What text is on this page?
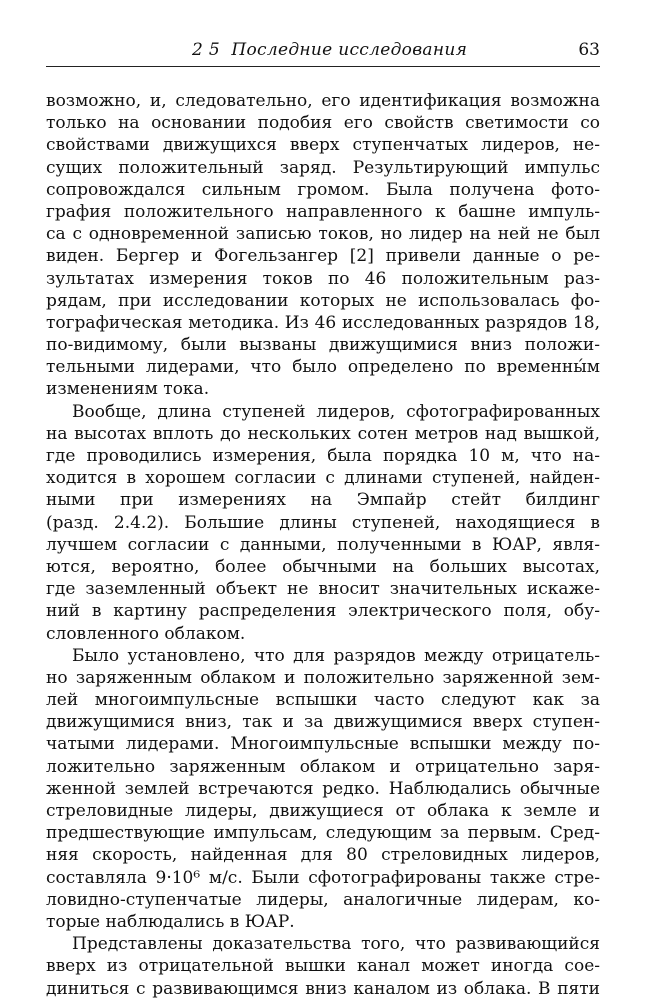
2 5 Последние исследования	63

возможно, и, следовательно, его идентификация возможна
только на основании подобия его свойств светимости со
свойствами движущихся вверх ступенчатых лидеров, не-
сущих положительный заряд. Результирующий импульс
сопровождался сильным громом. Была получена фото-
графия положительного направленного к башне импуль-
са с одновременной записью токов, но лидер на ней не был
виден. Бергер и Фогельзангер [2] привели данные о ре-
зультатах измерения токов по 46 положительным раз-
рядам, при исследовании которых не использовалась фо-
тографическая методика. Из 46 исследованных разрядов 18,
по-видимому, были вызваны движущимися вниз положи-
тельными лидерами, что было определено по временны́м
изменениям тока.

Вообще, длина ступеней лидеров, сфотографированных
на высотах вплоть до нескольких сотен метров над вышкой,
где проводились измерения, была порядка 10 м, что на-
ходится в хорошем согласии с длинами ступеней, найден-
ными при измерениях на Эмпайр стейт билдинг
(разд. 2.4.2). Большие длины ступеней, находящиеся в
лучшем согласии с данными, полученными в ЮАР, явля-
ются, вероятно, более обычными на больших высотах,
где заземленный объект не вносит значительных искаже-
ний в картину распределения электрического поля, обу-
словленного облаком.

Было установлено, что для разрядов между отрицатель-
но заряженным облаком и положительно заряженной зем-
лей многоимпульсные вспышки часто следуют как за
движущимися вниз, так и за движущимися вверх ступен-
чатыми лидерами. Многоимпульсные вспышки между по-
ложительно заряженным облаком и отрицательно заря-
женной землей встречаются редко. Наблюдались обычные
стреловидные лидеры, движущиеся от облака к земле и
предшествующие импульсам, следующим за первым. Сред-
няя скорость, найденная для 80 стреловидных лидеров,
составляла 9·10⁶ м/с. Были сфотографированы также стре-
ловидно-ступенчатые лидеры, аналогичные лидерам, ко-
торые наблюдались в ЮАР.

Представлены доказательства того, что развивающийся
вверх из отрицательной вышки канал может иногда сое-
диниться с развивающимся вниз каналом из облака. В пяти
